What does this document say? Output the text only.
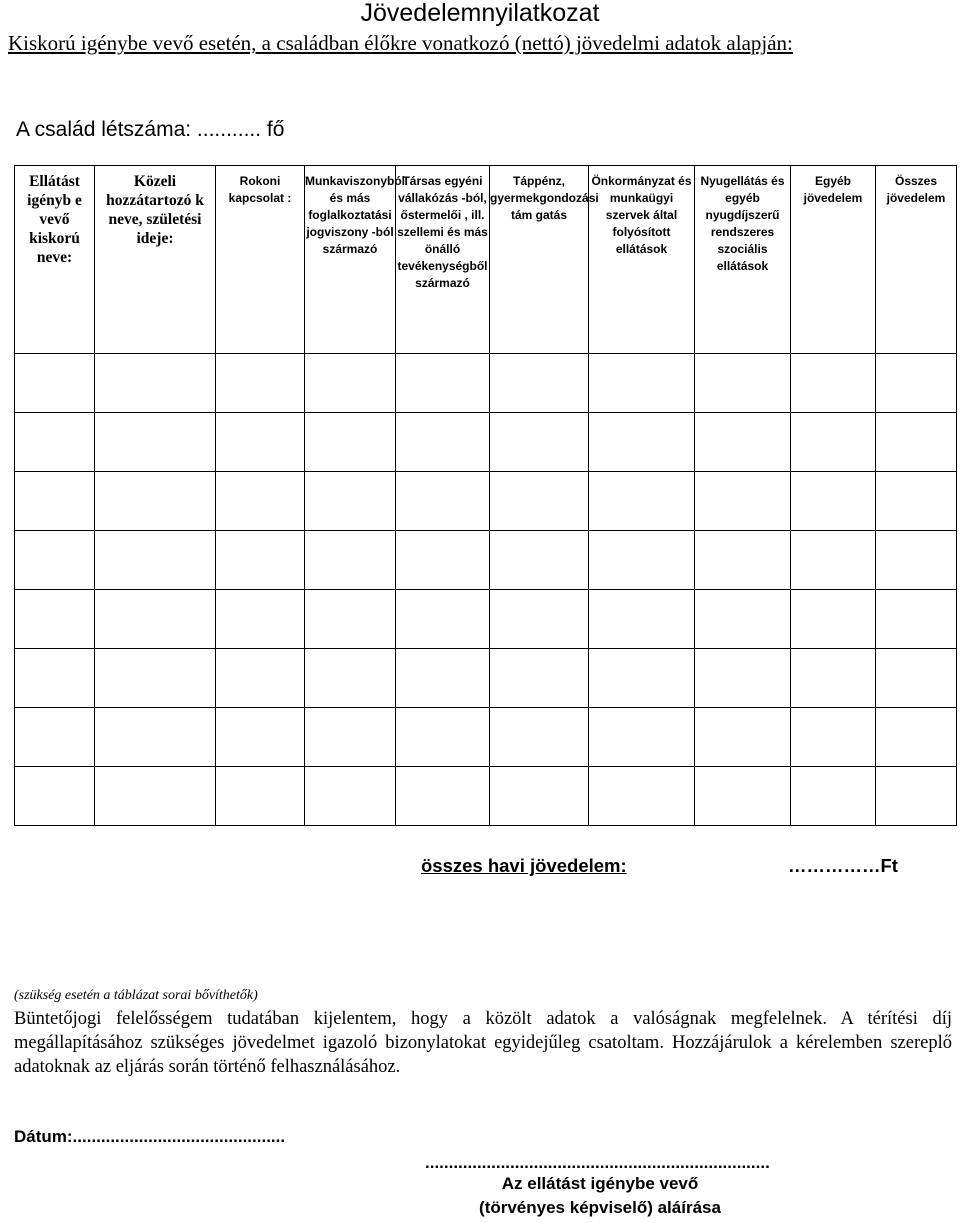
Jövedelemnyilatkozat
Kiskorú igénybe vevő esetén, a családban élőkre vonatkozó (nettó) jövedelmi adatok alapján:
A család létszáma: ........... fő
Ellátást igényb e vevő kiskorú neve:	Közeli hozzátartozó k neve, születési ideje:	Rokoni kapcsolat :	Munkaviszonyból és más foglalkoztatási jogviszony -ból származó	Társas egyéni vállakózás -ból, őstermelői , ill. szellemi és más önálló tevékenységből származó	Táppénz, gyermekgondozási tám gatás	Önkormányzat és munkaügyi szervek által folyósított ellátások	Nyugellátás és egyéb nyugdíjszerű rendszeres szociális ellátások	Egyéb jövedelem	Összes jövedelem

összes havi jövedelem:	……………Ft
(szükség esetén a táblázat sorai bővíthetők)
Büntetőjogi felelősségem tudatában kijelentem, hogy a közölt adatok a valóságnak megfelelnek. A térítési díj megállapításához szükséges jövedelmet igazoló bizonylatokat egyidejűleg csatoltam. Hozzájárulok a kérelemben szereplő adatoknak az eljárás során történő felhasználásához.
Dátum:.............................................
.........................................................................
Az ellátást igénybe vevő
(törvényes képviselő) aláírása
